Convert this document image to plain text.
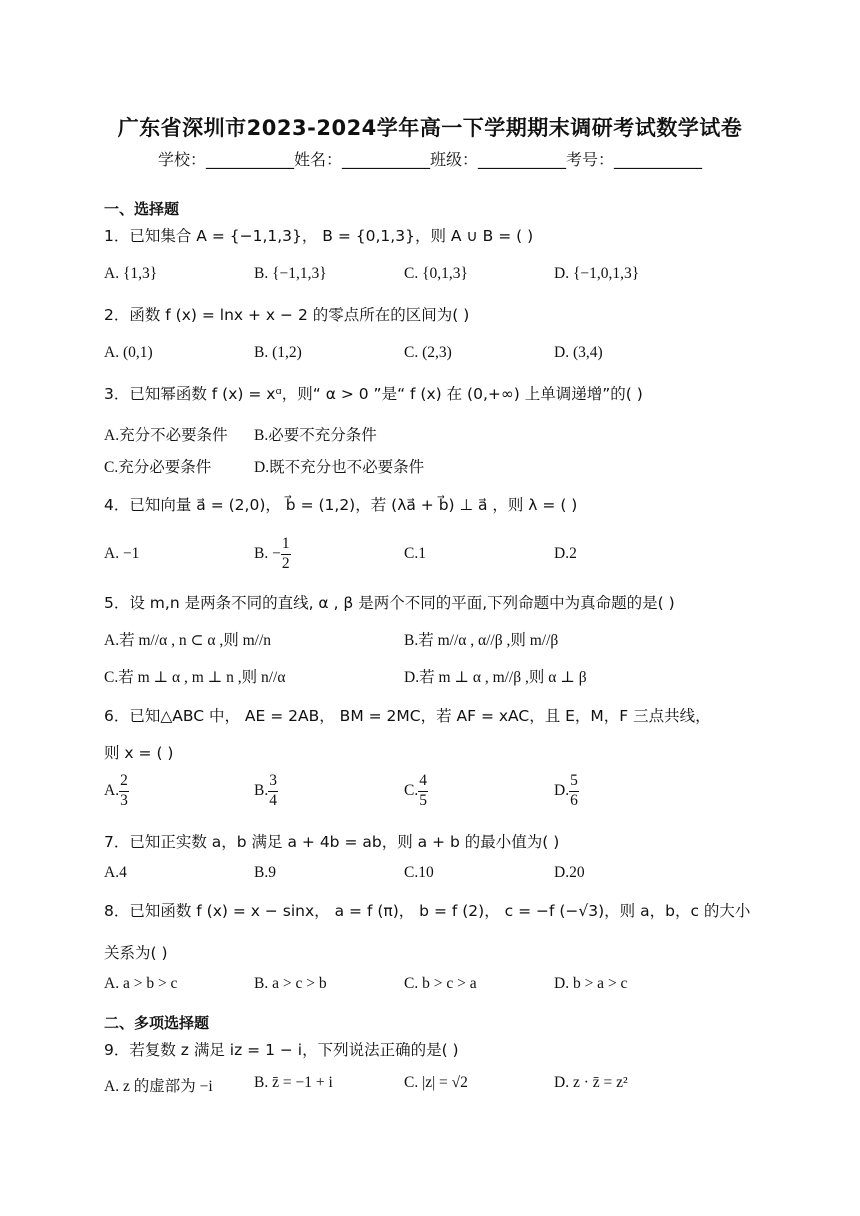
广东省深圳市2023-2024学年高一下学期期末调研考试数学试卷
学校：___________姓名：___________班级：___________考号：___________
一、选择题
1．已知集合 A = {−1,1,3}， B = {0,1,3}，则 A ∪ B = ( )
A. {1,3}	B. {−1,1,3}	C. {0,1,3}	D. {−1,0,1,3}
2．函数 f (x) = lnx + x − 2 的零点所在的区间为( )
A. (0,1)	B. (1,2)	C. (2,3)	D. (3,4)
3．已知幂函数 f (x) = xᵅ，则“ α > 0 ”是“ f (x) 在 (0,+∞) 上单调递增”的( )
A.充分不必要条件 B.必要不充分条件
C.充分必要条件	D.既不充分也不必要条件
4．已知向量 a⃗ = (2,0)， b⃗ = (1,2)，若 (λa⃗ + b⃗) ⊥ a⃗ ，则 λ = ( )
A. −1	B. − $\frac{1}{2}$	C.1	D.2
5．设 m,n 是两条不同的直线, α , β 是两个不同的平面,下列命题中为真命题的是( )
A.若 m//α , n ⊂ α ,则 m//n	B.若 m//α , α//β ,则 m//β
C.若 m ⊥ α , m ⊥ n ,则 n//α	D.若 m ⊥ α , m//β ,则 α ⊥ β
6．已知△ABC 中， AE = 2AB， BM = 2MC，若 AF = xAC，且 E，M，F 三点共线，
则 x = ( )
A. $\frac{2}{3}$	B. $\frac{3}{4}$	C. $\frac{4}{5}$	D. $\frac{5}{6}$
7．已知正实数 a，b 满足 a + 4b = ab，则 a + b 的最小值为( )
A.4	B.9	C.10	D.20
8．已知函数 f (x) = x − sinx， a = f (π)， b = f (2)， c = −f (−√3)，则 a，b，c 的大小
关系为( )
A. a > b > c	B. a > c > b	C. b > c > a	D. b > a > c
二、多项选择题
9．若复数 z 满足 iz = 1 − i，下列说法正确的是( )
A. z 的虚部为 −i	B. z̄ = −1 + i	C. |z| = √2	D. z · z̄ = z²
